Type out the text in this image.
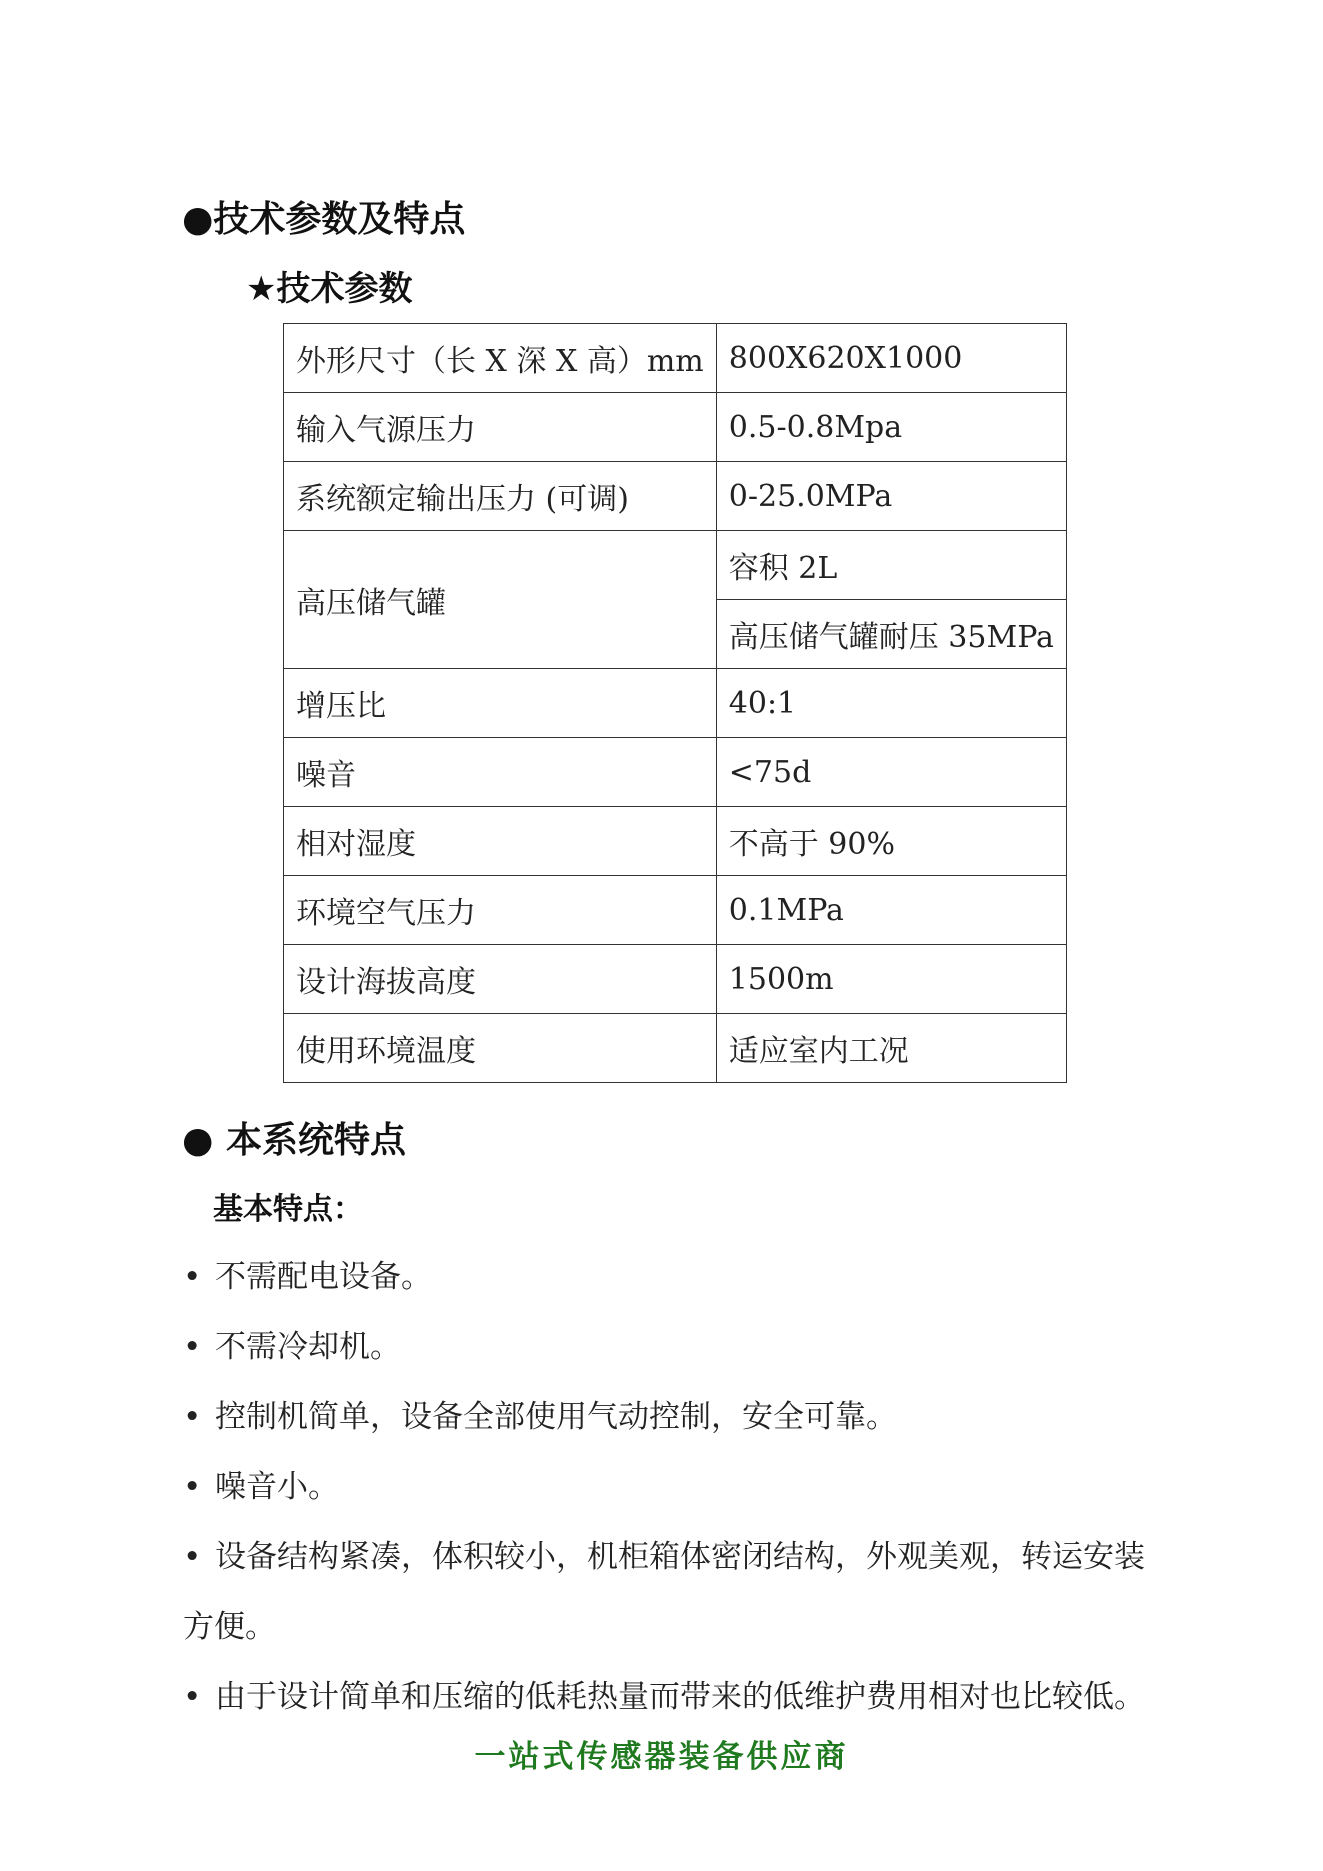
●技术参数及特点
★技术参数
外形尺寸（长 X 深 X 高）mm	800X620X1000
输入气源压力	0.5-0.8Mpa
系统额定输出压力 (可调)	0-25.0MPa
高压储气罐	容积 2L
	高压储气罐耐压 35MPa
增压比	40:1
噪音	<75d
相对湿度	不高于 90%
环境空气压力	0.1MPa
设计海拔高度	1500m
使用环境温度	适应室内工况
● 本系统特点
基本特点：
• 不需配电设备。
• 不需冷却机。
• 控制机简单，设备全部使用气动控制，安全可靠。
• 噪音小。
• 设备结构紧凑，体积较小，机柜箱体密闭结构，外观美观，转运安装
方便。
• 由于设计简单和压缩的低耗热量而带来的低维护费用相对也比较低。
一站式传感器装备供应商
